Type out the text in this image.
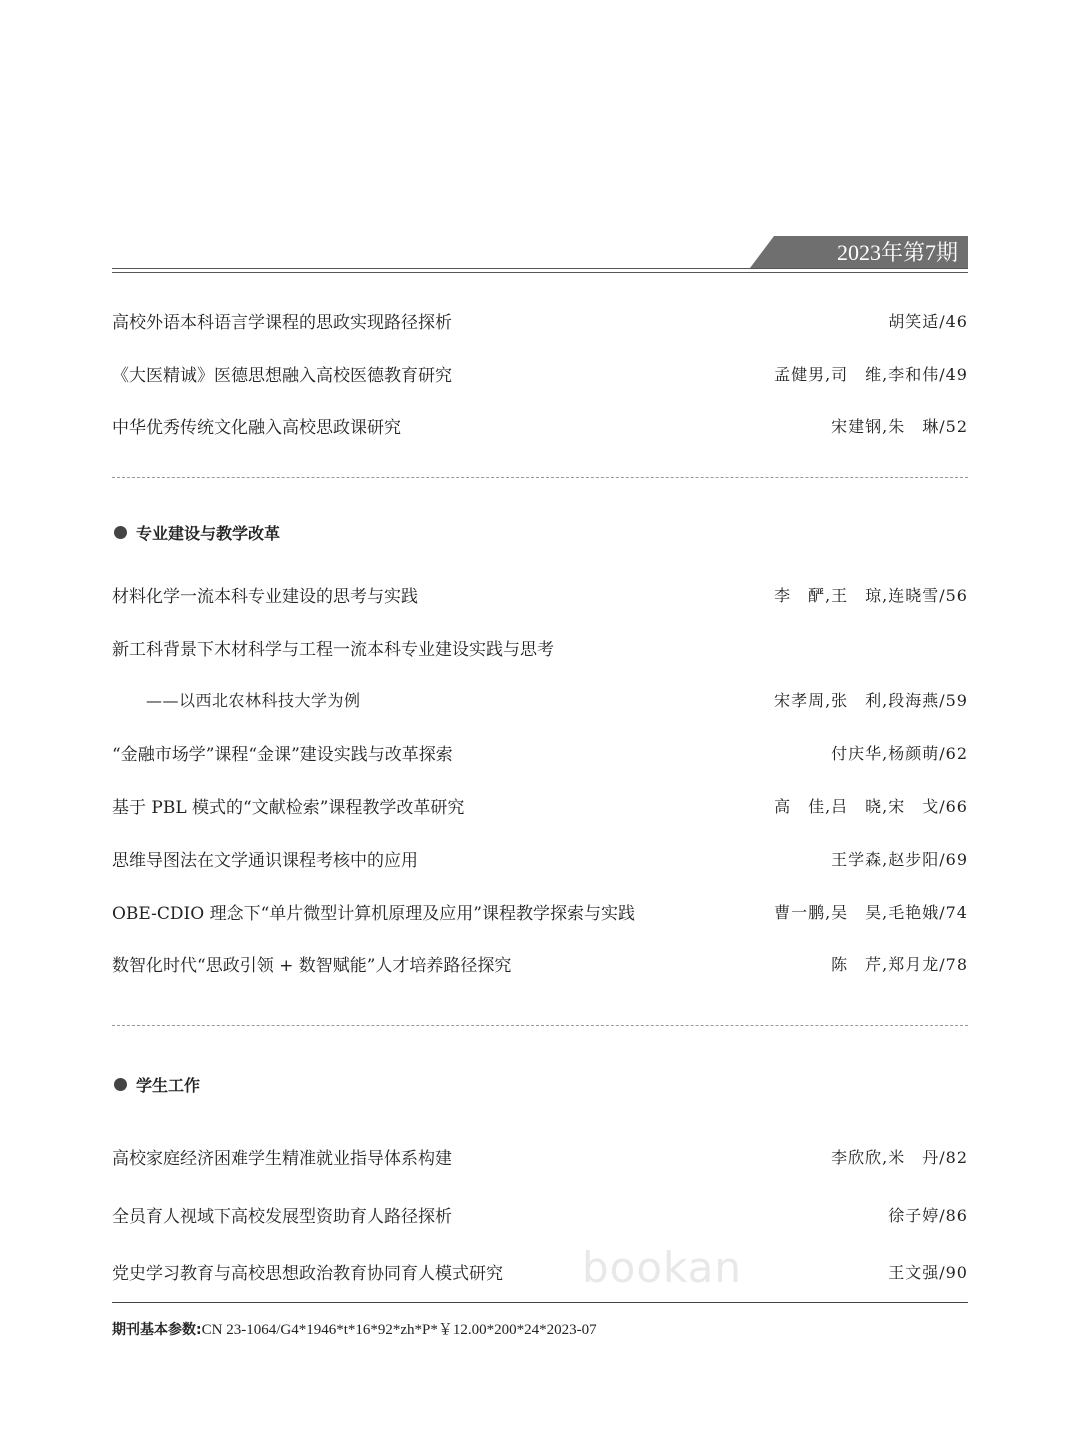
2023年第7期
高校外语本科语言学课程的思政实现路径探析	胡笑适/46
《大医精诚》医德思想融入高校医德教育研究	孟健男,司　维,李和伟/49
中华优秀传统文化融入高校思政课研究	宋建钢,朱　琳/52
专业建设与教学改革
材料化学一流本科专业建设的思考与实践	李　酽,王　琼,连晓雪/56
新工科背景下木材科学与工程一流本科专业建设实践与思考
——以西北农林科技大学为例	宋孝周,张　利,段海燕/59
“金融市场学”课程“金课”建设实践与改革探索	付庆华,杨颜萌/62
基于 PBL 模式的“文献检索”课程教学改革研究	高　佳,吕　晓,宋　戈/66
思维导图法在文学通识课程考核中的应用	王学森,赵步阳/69
OBE-CDIO 理念下“单片微型计算机原理及应用”课程教学探索与实践	曹一鹏,吴　昊,毛艳娥/74
数智化时代“思政引领 + 数智赋能”人才培养路径探究	陈　芹,郑月龙/78
学生工作
高校家庭经济困难学生精准就业指导体系构建	李欣欣,米　丹/82
全员育人视域下高校发展型资助育人路径探析	徐子婷/86
党史学习教育与高校思想政治教育协同育人模式研究	王文强/90
bookan
期刊基本参数:CN 23-1064/G4*1946*t*16*92*zh*P*￥12.00*200*24*2023-07
